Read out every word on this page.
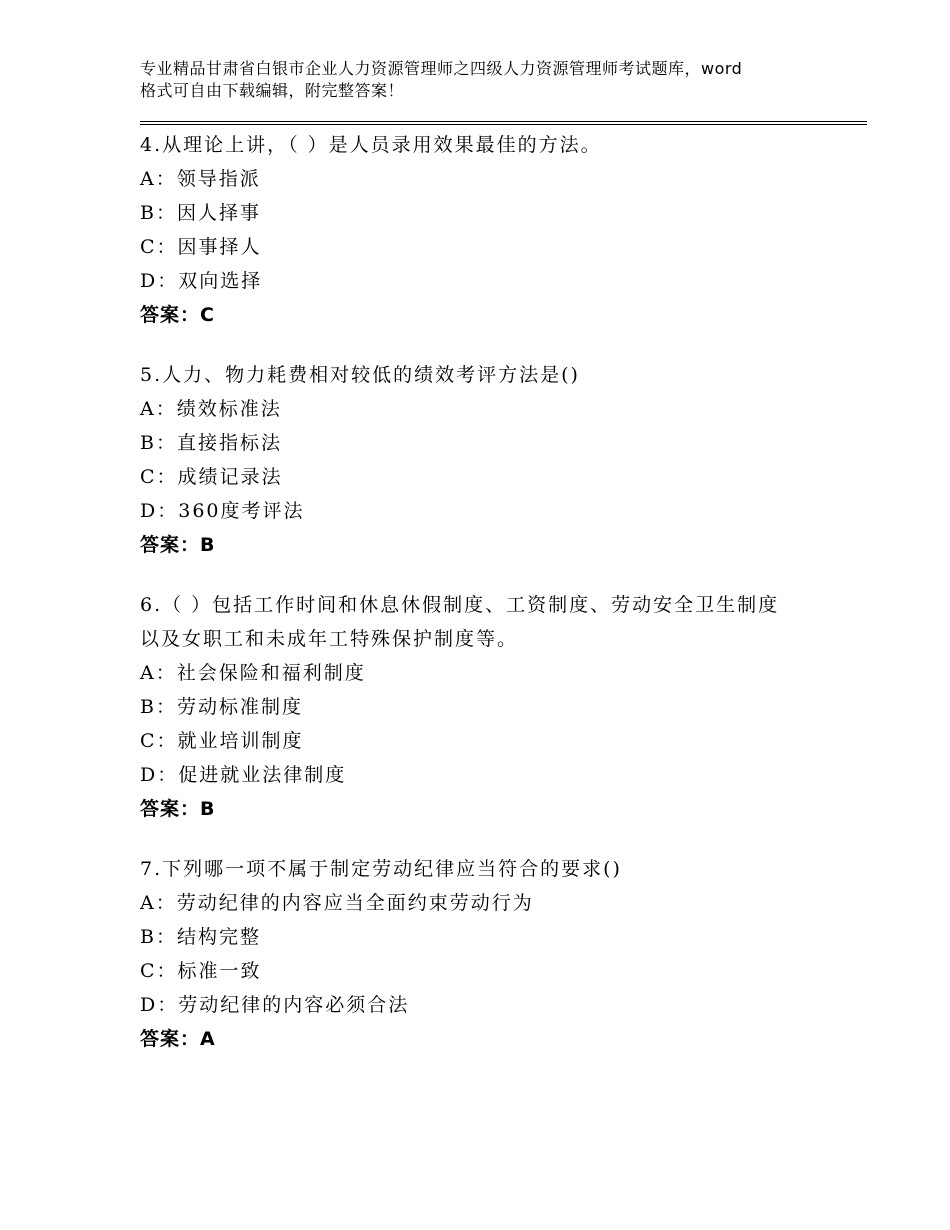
专业精品甘肃省白银市企业人力资源管理师之四级人力资源管理师考试题库，word
格式可自由下载编辑，附完整答案！
4.从理论上讲，（ ）是人员录用效果最佳的方法。
A：领导指派
B：因人择事
C：因事择人
D：双向选择
答案：C
5.人力、物力耗费相对较低的绩效考评方法是()
A：绩效标准法
B：直接指标法
C：成绩记录法
D：360度考评法
答案：B
6.（ ）包括工作时间和休息休假制度、工资制度、劳动安全卫生制度
以及女职工和未成年工特殊保护制度等。
A：社会保险和福利制度
B：劳动标准制度
C：就业培训制度
D：促进就业法律制度
答案：B
7.下列哪一项不属于制定劳动纪律应当符合的要求()
A：劳动纪律的内容应当全面约束劳动行为
B：结构完整
C：标准一致
D：劳动纪律的内容必须合法
答案：A
